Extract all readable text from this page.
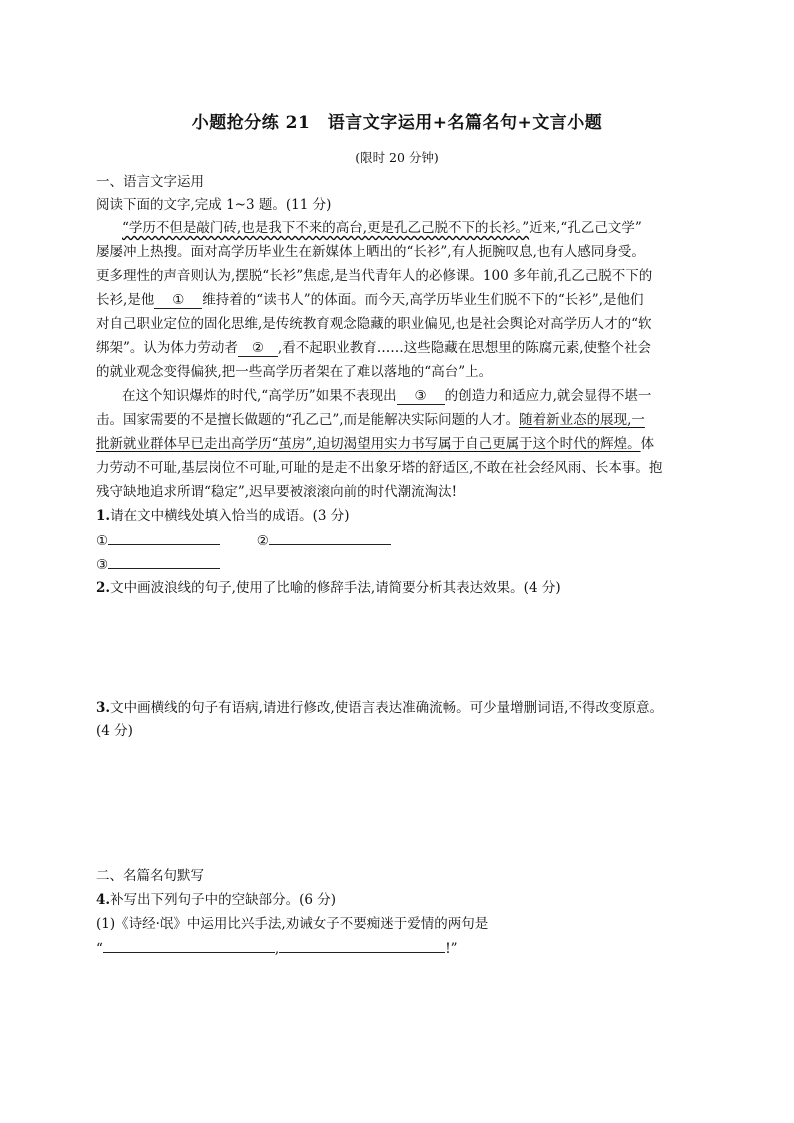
小题抢分练 21　语言文字运用+名篇名句+文言小题
(限时 20 分钟)
一、语言文字运用
阅读下面的文字,完成 1~3 题。(11 分)
“学历不但是敲门砖,也是我下不来的高台,更是孔乙己脱不下的长衫。”近来,“孔乙己文学”
屡屡冲上热搜。面对高学历毕业生在新媒体上晒出的“长衫”,有人扼腕叹息,也有人感同身受。
更多理性的声音则认为,摆脱“长衫”焦虑,是当代青年人的必修课。100 多年前,孔乙己脱不下的
长衫,是他 ① 维持着的“读书人”的体面。而今天,高学历毕业生们脱不下的“长衫”,是他们
对自己职业定位的固化思维,是传统教育观念隐藏的职业偏见,也是社会舆论对高学历人才的“软
绑架”。认为体力劳动者 ② ,看不起职业教育……这些隐藏在思想里的陈腐元素,使整个社会
的就业观念变得偏狭,把一些高学历者架在了难以落地的“高台”上。
在这个知识爆炸的时代,“高学历”如果不表现出 ③ 的创造力和适应力,就会显得不堪一
击。国家需要的不是擅长做题的“孔乙己”,而是能解决实际问题的人才。随着新业态的展现,一
批新就业群体早已走出高学历“茧房”,迫切渴望用实力书写属于自己更属于这个时代的辉煌。体
力劳动不可耻,基层岗位不可耻,可耻的是走不出象牙塔的舒适区,不敢在社会经风雨、长本事。抱
残守缺地追求所谓“稳定”,迟早要被滚滚向前的时代潮流淘汰!
1.请在文中横线处填入恰当的成语。(3 分)
①	②
③
2.文中画波浪线的句子,使用了比喻的修辞手法,请简要分析其表达效果。(4 分)
3.文中画横线的句子有语病,请进行修改,使语言表达准确流畅。可少量增删词语,不得改变原意。
(4 分)
二、名篇名句默写
4.补写出下列句子中的空缺部分。(6 分)
(1)《诗经·氓》中运用比兴手法,劝诫女子不要痴迷于爱情的两句是
“	,	!”
